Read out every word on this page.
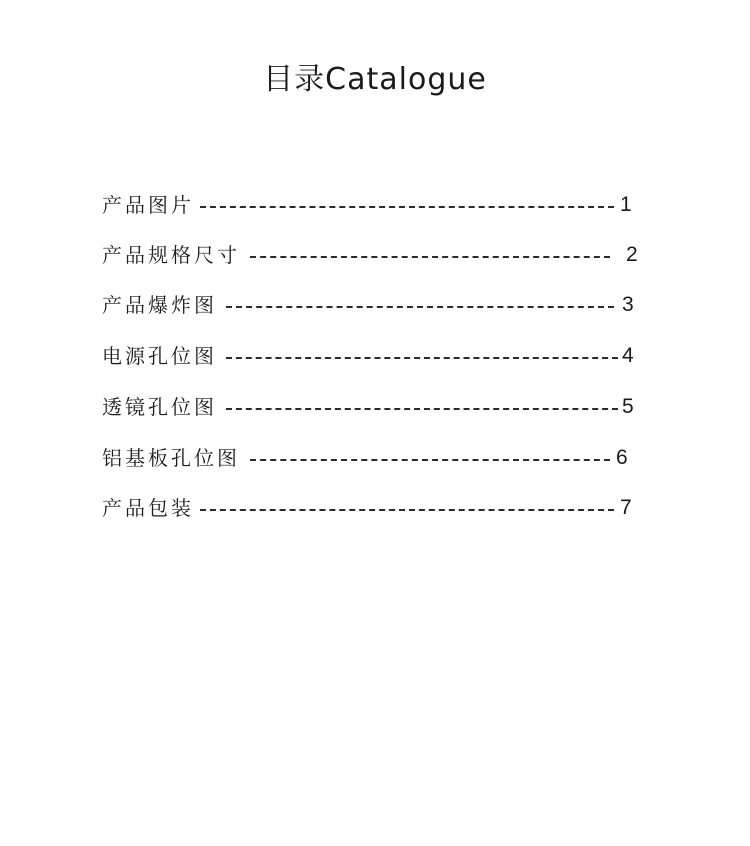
目录Catalogue
产品图片	1
产品规格尺寸	2
产品爆炸图	3
电源孔位图	4
透镜孔位图	5
铝基板孔位图	6
产品包装	7
